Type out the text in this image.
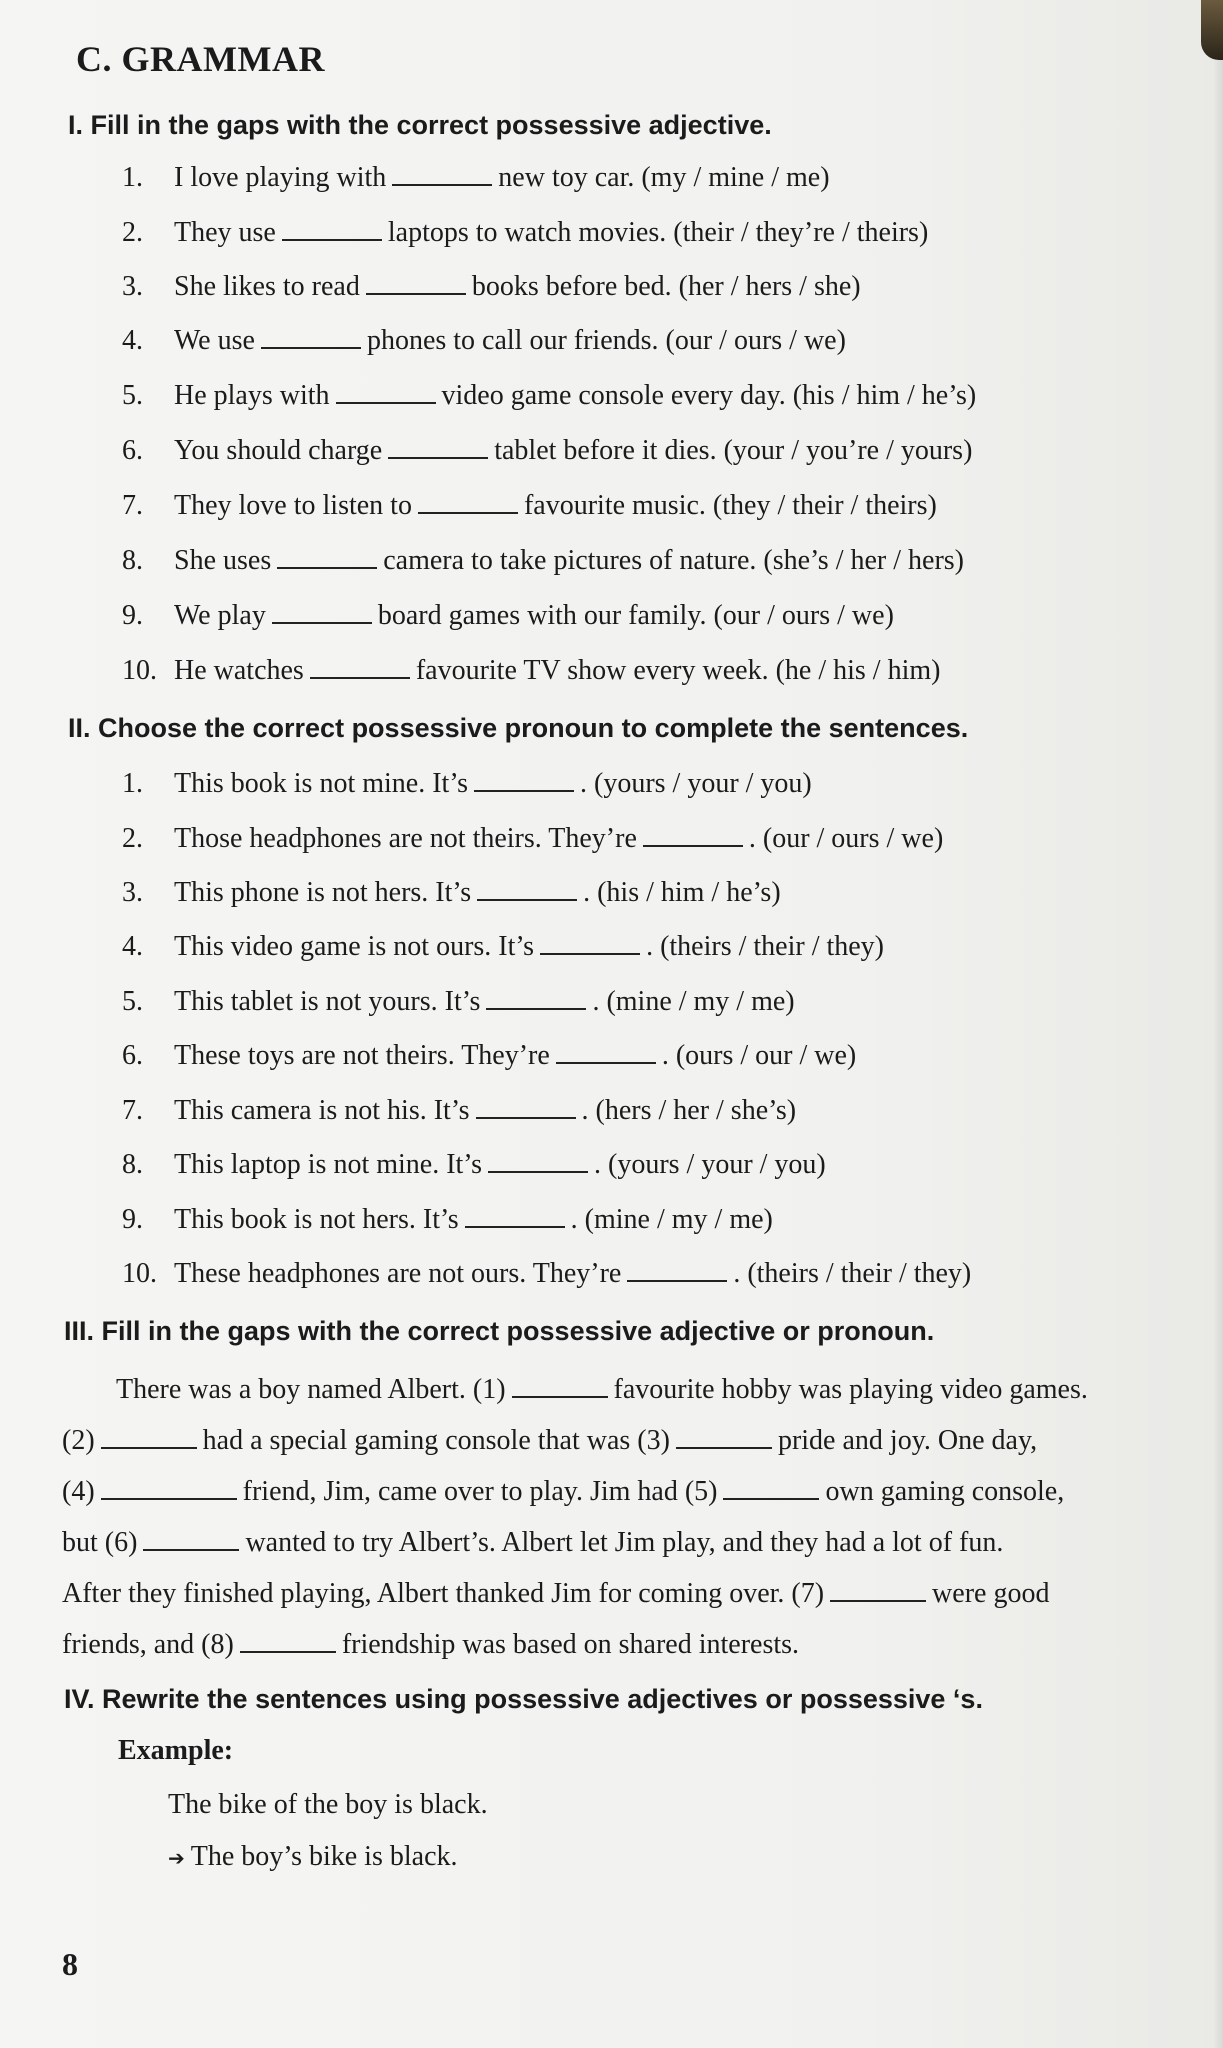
C. GRAMMAR
I. Fill in the gaps with the correct possessive adjective.
1. I love playing with	new toy car. (my / mine / me)
2. They use	laptops to watch movies. (their / they’re / theirs)
3. She likes to read	books before bed. (her / hers / she)
4. We use	phones to call our friends. (our / ours / we)
5. He plays with	video game console every day. (his / him / he’s)
6. You should charge	tablet before it dies. (your / you’re / yours)
7. They love to listen to	favourite music. (they / their / theirs)
8. She uses	camera to take pictures of nature. (she’s / her / hers)
9. We play	board games with our family. (our / ours / we)
10. He watches	favourite TV show every week. (he / his / him)
II. Choose the correct possessive pronoun to complete the sentences.
1. This book is not mine. It’s	. (yours / your / you)
2. Those headphones are not theirs. They’re	. (our / ours / we)
3. This phone is not hers. It’s	. (his / him / he’s)
4. This video game is not ours. It’s	. (theirs / their / they)
5. This tablet is not yours. It’s	. (mine / my / me)
6. These toys are not theirs. They’re	. (ours / our / we)
7. This camera is not his. It’s	. (hers / her / she’s)
8. This laptop is not mine. It’s	. (yours / your / you)
9. This book is not hers. It’s	. (mine / my / me)
10. These headphones are not ours. They’re	. (theirs / their / they)
III. Fill in the gaps with the correct possessive adjective or pronoun.
There was a boy named Albert. (1)	favourite hobby was playing video games.
(2)	had a special gaming console that was (3)	pride and joy. One day,
(4)	friend, Jim, came over to play. Jim had (5)	own gaming console,
but (6)	wanted to try Albert’s. Albert let Jim play, and they had a lot of fun.
After they finished playing, Albert thanked Jim for coming over. (7)	were good
friends, and (8)	friendship was based on shared interests.
IV. Rewrite the sentences using possessive adjectives or possessive ‘s.
Example:
The bike of the boy is black.
➔ The boy’s bike is black.
8
